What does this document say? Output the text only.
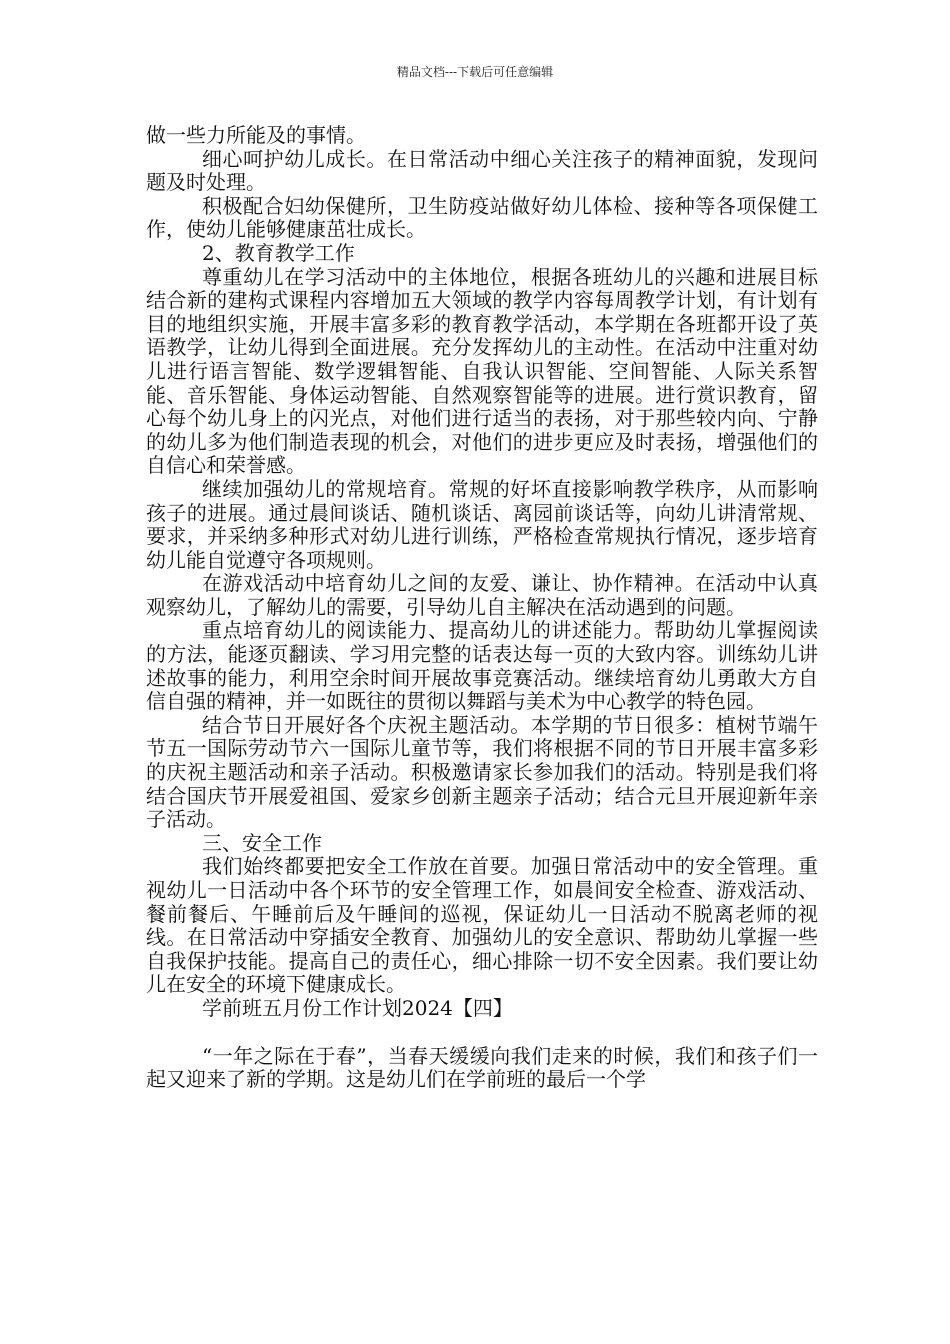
精品文档---下载后可任意编辑

做一些力所能及的事情。

细心呵护幼儿成长。在日常活动中细心关注孩子的精神面貌，发现问题及时处理。

积极配合妇幼保健所，卫生防疫站做好幼儿体检、接种等各项保健工作，使幼儿能够健康茁壮成长。

2、教育教学工作

尊重幼儿在学习活动中的主体地位，根据各班幼儿的兴趣和进展目标结合新的建构式课程内容增加五大领域的教学内容每周教学计划，有计划有目的地组织实施，开展丰富多彩的教育教学活动，本学期在各班都开设了英语教学，让幼儿得到全面进展。充分发挥幼儿的主动性。在活动中注重对幼儿进行语言智能、数学逻辑智能、自我认识智能、空间智能、人际关系智能、音乐智能、身体运动智能、自然观察智能等的进展。进行赏识教育，留心每个幼儿身上的闪光点，对他们进行适当的表扬，对于那些较内向、宁静的幼儿多为他们制造表现的机会，对他们的进步更应及时表扬，增强他们的自信心和荣誉感。

继续加强幼儿的常规培育。常规的好坏直接影响教学秩序，从而影响孩子的进展。通过晨间谈话、随机谈话、离园前谈话等，向幼儿讲清常规、要求，并采纳多种形式对幼儿进行训练，严格检查常规执行情况，逐步培育幼儿能自觉遵守各项规则。

在游戏活动中培育幼儿之间的友爱、谦让、协作精神。在活动中认真观察幼儿，了解幼儿的需要，引导幼儿自主解决在活动遇到的问题。

重点培育幼儿的阅读能力、提高幼儿的讲述能力。帮助幼儿掌握阅读的方法，能逐页翻读、学习用完整的话表达每一页的大致内容。训练幼儿讲述故事的能力，利用空余时间开展故事竞赛活动。继续培育幼儿勇敢大方自信自强的精神，并一如既往的贯彻以舞蹈与美术为中心教学的特色园。

结合节日开展好各个庆祝主题活动。本学期的节日很多：植树节端午节五一国际劳动节六一国际儿童节等，我们将根据不同的节日开展丰富多彩的庆祝主题活动和亲子活动。积极邀请家长参加我们的活动。特别是我们将结合国庆节开展爱祖国、爱家乡创新主题亲子活动；结合元旦开展迎新年亲子活动。

三、安全工作

我们始终都要把安全工作放在首要。加强日常活动中的安全管理。重视幼儿一日活动中各个环节的安全管理工作，如晨间安全检查、游戏活动、餐前餐后、午睡前后及午睡间的巡视，保证幼儿一日活动不脱离老师的视线。在日常活动中穿插安全教育、加强幼儿的安全意识、帮助幼儿掌握一些自我保护技能。提高自己的责任心，细心排除一切不安全因素。我们要让幼儿在安全的环境下健康成长。

学前班五月份工作计划2024【四】

“一年之际在于春”，当春天缓缓向我们走来的时候，我们和孩子们一起又迎来了新的学期。这是幼儿们在学前班的最后一个学
